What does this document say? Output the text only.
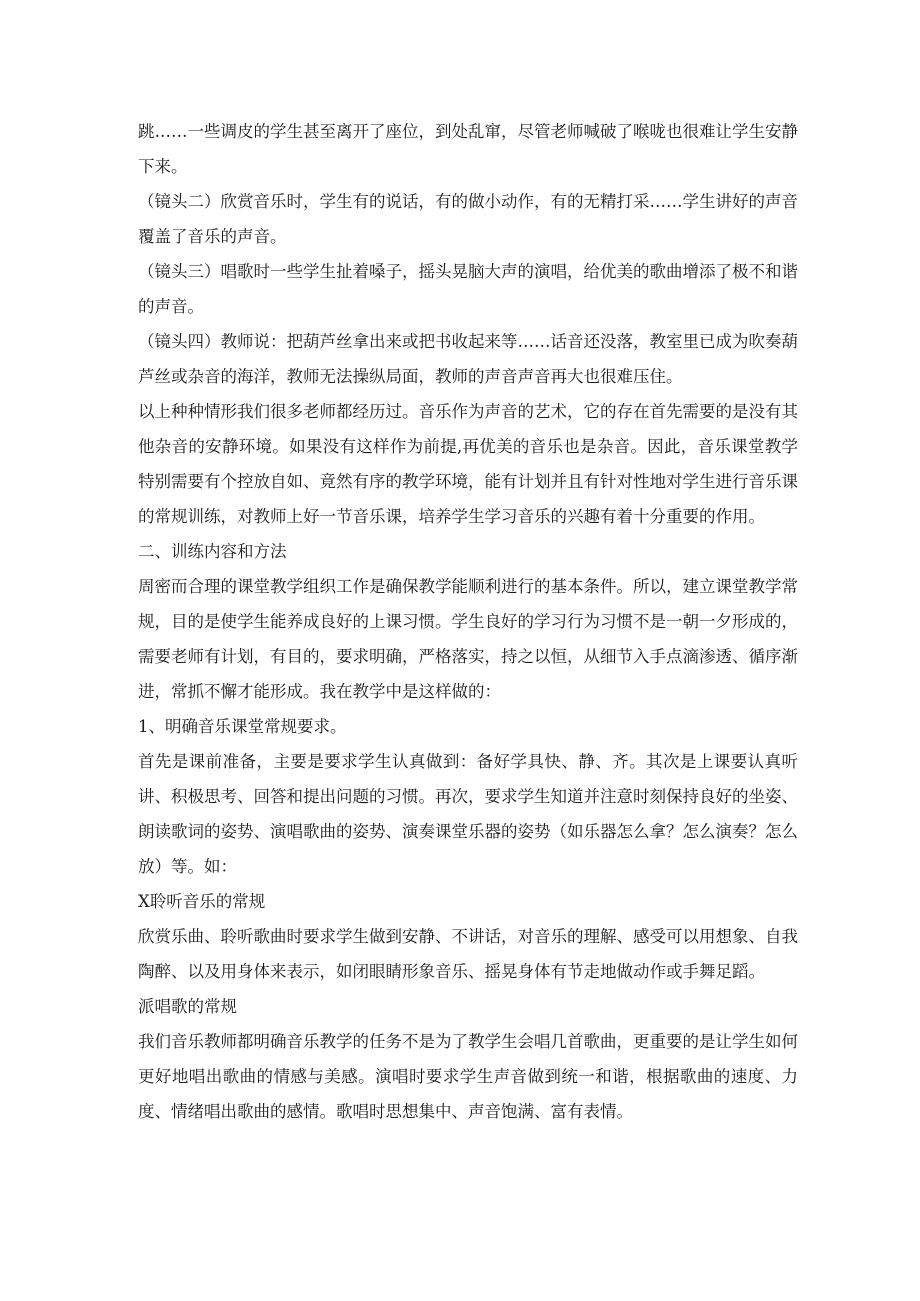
跳……一些调皮的学生甚至离开了座位，到处乱窜，尽管老师喊破了喉咙也很难让学生安静下来。

（镜头二）欣赏音乐时，学生有的说话，有的做小动作，有的无精打采……学生讲好的声音覆盖了音乐的声音。

（镜头三）唱歌时一些学生扯着嗓子，摇头晃脑大声的演唱，给优美的歌曲增添了极不和谐的声音。

（镜头四）教师说：把葫芦丝拿出来或把书收起来等……话音还没落，教室里已成为吹奏葫芦丝或杂音的海洋，教师无法操纵局面，教师的声音声音再大也很难压住。

以上种种情形我们很多老师都经历过。音乐作为声音的艺术，它的存在首先需要的是没有其他杂音的安静环境。如果没有这样作为前提,再优美的音乐也是杂音。因此，音乐课堂教学特别需要有个控放自如、竟然有序的教学环境，能有计划并且有针对性地对学生进行音乐课的常规训练，对教师上好一节音乐课，培养学生学习音乐的兴趣有着十分重要的作用。

二、训练内容和方法

周密而合理的课堂教学组织工作是确保教学能顺利进行的基本条件。所以，建立课堂教学常规，目的是使学生能养成良好的上课习惯。学生良好的学习行为习惯不是一朝一夕形成的，需要老师有计划，有目的，要求明确，严格落实，持之以恒，从细节入手点滴渗透、循序渐进，常抓不懈才能形成。我在教学中是这样做的：

1、明确音乐课堂常规要求。

首先是课前准备，主要是要求学生认真做到：备好学具快、静、齐。其次是上课要认真听讲、积极思考、回答和提出问题的习惯。再次，要求学生知道并注意时刻保持良好的坐姿、朗读歌词的姿势、演唱歌曲的姿势、演奏课堂乐器的姿势（如乐器怎么拿？怎么演奏？怎么放）等。如：

X聆听音乐的常规

欣赏乐曲、聆听歌曲时要求学生做到安静、不讲话，对音乐的理解、感受可以用想象、自我陶醉、以及用身体来表示，如闭眼睛形象音乐、摇晃身体有节走地做动作或手舞足蹈。

派唱歌的常规

我们音乐教师都明确音乐教学的任务不是为了教学生会唱几首歌曲，更重要的是让学生如何更好地唱出歌曲的情感与美感。演唱时要求学生声音做到统一和谐，根据歌曲的速度、力度、情绪唱出歌曲的感情。歌唱时思想集中、声音饱满、富有表情。
